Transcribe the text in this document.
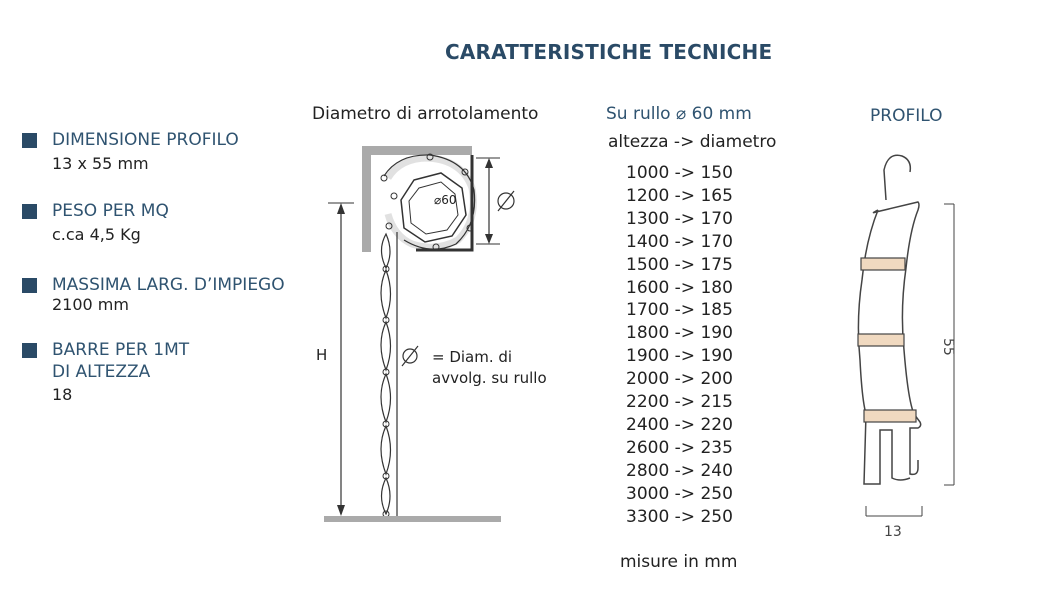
CARATTERISTICHE TECNICHE
DIMENSIONE PROFILO
13 x 55 mm
PESO PER MQ
c.ca 4,5 Kg
MASSIMA LARG. D’IMPIEGO
2100 mm
BARRE PER 1MT
DI ALTEZZA
18
Diametro di arrotolamento
⌀60
H	= Diam. di
avvolg. su rullo
Su rullo ⌀ 60 mm
altezza -> diametro
1000 -> 150
1200 -> 165
1300 -> 170
1400 -> 170
1500 -> 175
1600 -> 180
1700 -> 185
1800 -> 190
1900 -> 190
2000 -> 200
2200 -> 215
2400 -> 220
2600 -> 235
2800 -> 240
3000 -> 250
3300 -> 250
misure in mm
PROFILO
55
13
